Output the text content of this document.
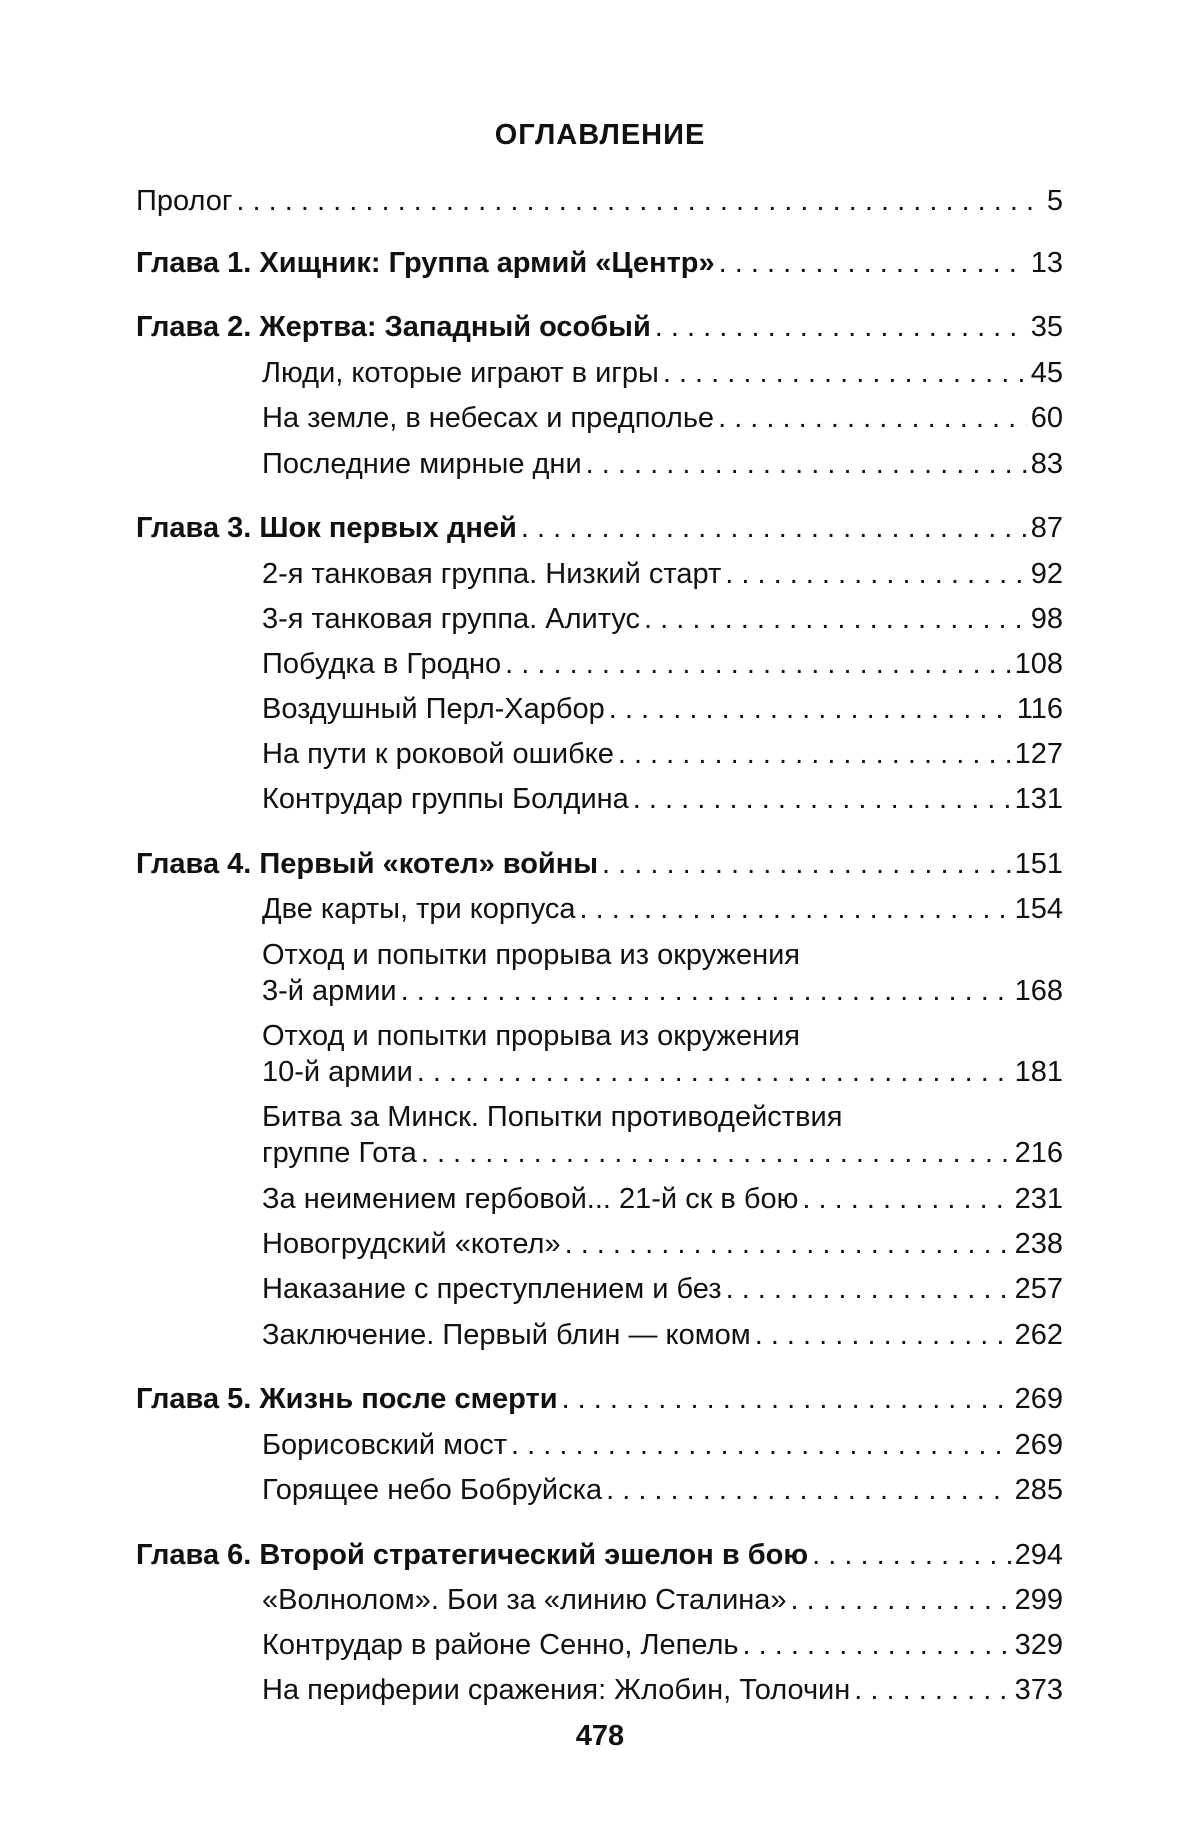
ОГЛАВЛЕНИЕ
Пролог . . .	5
Глава 1. Хищник: Группа армий «Центр» . . .	13
Глава 2. Жертва: Западный особый . . .	35
Люди, которые играют в игры . . .	45
На земле, в небесах и предполье . . .	60
Последние мирные дни . . .	83
Глава 3. Шок первых дней . . .	87
2-я танковая группа. Низкий старт . . .	92
3-я танковая группа. Алитус . . .	98
Побудка в Гродно . . .	108
Воздушный Перл-Харбор . . .	116
На пути к роковой ошибке . . .	127
Контрудар группы Болдина . . .	131
Глава 4. Первый «котел» войны . . .	151
Две карты, три корпуса . . .	154
Отход и попытки прорыва из окружения
3-й армии . . .	168
Отход и попытки прорыва из окружения
10-й армии . . .	181
Битва за Минск. Попытки противодействия
группе Гота . . .	216
За неимением гербовой... 21-й ск в бою . . .	231
Новогрудский «котел» . . .	238
Наказание с преступлением и без . . .	257
Заключение. Первый блин — комом . . .	262
Глава 5. Жизнь после смерти . . .	269
Борисовский мост . . .	269
Горящее небо Бобруйска . . .	285
Глава 6. Второй стратегический эшелон в бою . . .	294
«Волнолом». Бои за «линию Сталина» . . .	299
Контрудар в районе Сенно, Лепель . . .	329
На периферии сражения: Жлобин, Толочин . . .	373
478
